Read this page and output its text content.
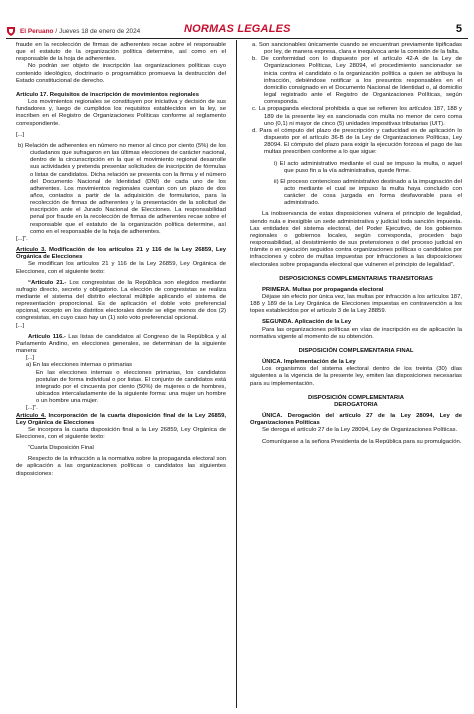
El Peruano / Jueves 18 de enero de 2024	NORMAS LEGALES	5

fraude en la recolección de firmas de adherentes recae sobre el responsable que el estatuto de la organización política determine, así como en el responsable de la hoja de adherentes.

No podrán ser objeto de inscripción las organizaciones políticas cuyo contenido ideológico, doctrinario o programático promueva la destrucción del Estado constitucional de derecho.

Artículo 17. Requisitos de inscripción de movimientos regionales

Los movimientos regionales se constituyen por iniciativa y decisión de sus fundadores y, luego de cumplidos los requisitos establecidos en la ley, se inscriben en el Registro de Organizaciones Políticas conforme al reglamento correspondiente.

[...]

b) Relación de adherentes en número no menor al cinco por ciento (5%) de los ciudadanos que sufragaron en las últimas elecciones de carácter nacional, dentro de la circunscripción en la que el movimiento regional desarrolle sus actividades y pretenda presentar solicitudes de inscripción de fórmulas o listas de candidatos. Dicha relación se presenta con la firma y el número del Documento Nacional de Identidad (DNI) de cada uno de los adherentes. Los movimientos regionales cuentan con un plazo de dos años, contados a partir de la adquisición de formularios, para la recolección de firmas de adherentes y la presentación de la solicitud de inscripción ante el Jurado Nacional de Elecciones. La responsabilidad penal por fraude en la recolección de firmas de adherentes recae sobre el responsable que el estatuto de la organización política determine, así como en el responsable de la hoja de adherentes.

[...]”.

Artículo 3. Modificación de los artículos 21 y 116 de la Ley 26859, Ley Orgánica de Elecciones

Se modifican los artículos 21 y 116 de la Ley 26859, Ley Orgánica de Elecciones, con el siguiente texto:

“Artículo 21.- Los congresistas de la República son elegidos mediante sufragio directo, secreto y obligatorio. La elección de congresistas se realiza mediante el sistema del distrito electoral múltiple aplicando el sistema de representación proporcional. Es de aplicación el doble voto preferencial opcional, excepto en los distritos electorales donde se elige menos de dos (2) congresistas, en cuyo caso hay un (1) solo voto preferencial opcional.

[...]

Artículo 116.- Las listas de candidatos al Congreso de la República y al Parlamento Andino, en elecciones generales, se determinan de la siguiente manera:

[...]

a) En las elecciones internas o primarias

En las elecciones internas o elecciones primarias, los candidatos postulan de forma individual o por listas. El conjunto de candidatos está integrado por el cincuenta por ciento (50%) de mujeres o de hombres, ubicados intercaladamente de la siguiente forma: una mujer un hombre o un hombre una mujer.

[...]”.

Artículo 4. Incorporación de la cuarta disposición final de la Ley 26859, Ley Orgánica de Elecciones

Se incorpora la cuarta disposición final a la Ley 26859, Ley Orgánica de Elecciones, con el siguiente texto:

“Cuarta Disposición Final

Respecto de la infracción a la normativa sobre la propaganda electoral son de aplicación a las organizaciones políticas o candidatos las siguientes disposiciones:

a. Son sancionables únicamente cuando se encuentran previamente tipificadas por ley, de manera expresa, clara e inequívoca ante la comisión de la falta.

b. De conformidad con lo dispuesto por el artículo 42-A de la Ley de Organizaciones Políticas, Ley 28094, el procedimiento sancionador se inicia contra el candidato o la organización política a quien se atribuya la infracción, debiéndose notificar a los presuntos responsables en el domicilio consignado en el Documento Nacional de Identidad o, al domicilio legal registrado ante el Registro de Organizaciones Políticas, según corresponda.

c. La propaganda electoral prohibida a que se refieren los artículos 187, 188 y 189 de la presente ley es sancionada con multa no menor de cero coma uno (0,1) ni mayor de cinco (5) unidades impositivas tributarias (UIT).

d. Para el cómputo del plazo de prescripción y caducidad es de aplicación lo dispuesto por el artículo 36-B de la Ley de Organizaciones Políticas, Ley 28094. El cómputo del plazo para exigir la ejecución forzosa el pago de las multas prescriben conforme a lo que sigue:

i) El acto administrativo mediante el cual se impuso la multa, o aquel que puso fin a la vía administrativa, quede firme.

ii) El proceso contencioso administrativo destinado a la impugnación del acto mediante el cual se impuso la multa haya concluido con carácter de cosa juzgada en forma desfavorable para el administrado.

La inobservancia de estas disposiciones vulnera el principio de legalidad, siendo nula e inexigible un sede administrativa y judicial toda sanción impuesta. Las entidades del sistema electoral, del Poder Ejecutivo, de los gobiernos regionales o gobiernos locales, según corresponda, proceden bajo responsabilidad, al desistimiento de sus pretensiones o del proceso judicial en trámite o en ejecución seguidos contra organizaciones políticas o candidatos por infracciones y cobro de multas impuestas por infracciones a las disposiciones electorales sobre propaganda electoral que vulneren el principio de legalidad”.

DISPOSICIONES COMPLEMENTARIAS TRANSITORIAS

PRIMERA. Multas por propaganda electoral

Déjase sin efecto por única vez, las multas por infracción a los artículos 187, 188 y 189 de la Ley Orgánica de Elecciones impuestas en contravención a los topes establecidos por el artículo 3 de la Ley 28859.

SEGUNDA. Aplicación de la Ley

Para las organizaciones políticas en vías de inscripción es de aplicación la normativa vigente al momento de su obtención.

DISPOSICIÓN COMPLEMENTARIA FINAL

ÚNICA. Implementación de la Ley

Los organismos del sistema electoral dentro de los treinta (30) días siguientes a la vigencia de la presente ley, emiten las disposiciones necesarias para su implementación.

DISPOSICIÓN COMPLEMENTARIA DEROGATORIA

ÚNICA. Derogación del artículo 27 de la Ley 28094, Ley de Organizaciones Políticas

Se deroga el artículo 27 de la Ley 28094, Ley de Organizaciones Políticas.

Comuníquese a la señora Presidenta de la República para su promulgación.
